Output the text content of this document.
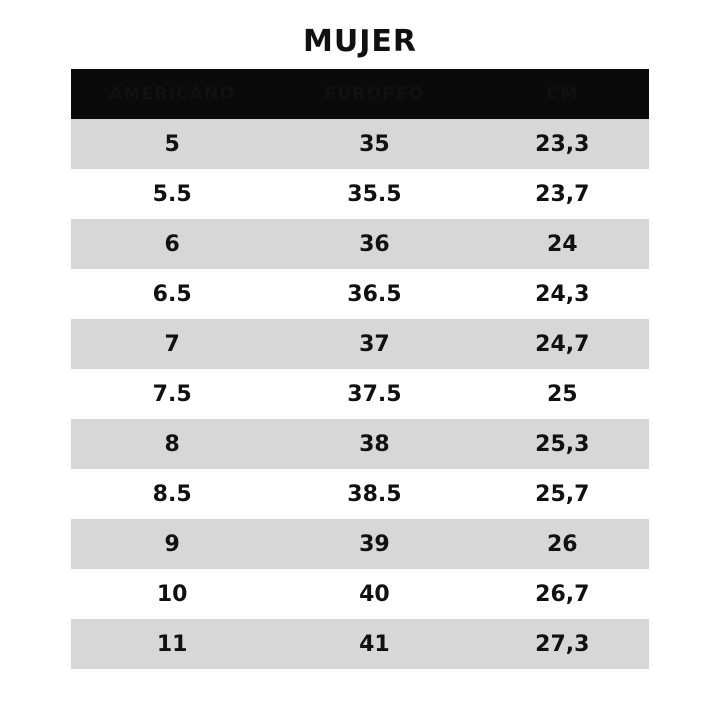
MUJER
AMERICANO	EUROPEO	CM
5	35	23,3
5.5	35.5	23,7
6	36	24
6.5	36.5	24,3
7	37	24,7
7.5	37.5	25
8	38	25,3
8.5	38.5	25,7
9	39	26
10	40	26,7
11	41	27,3
